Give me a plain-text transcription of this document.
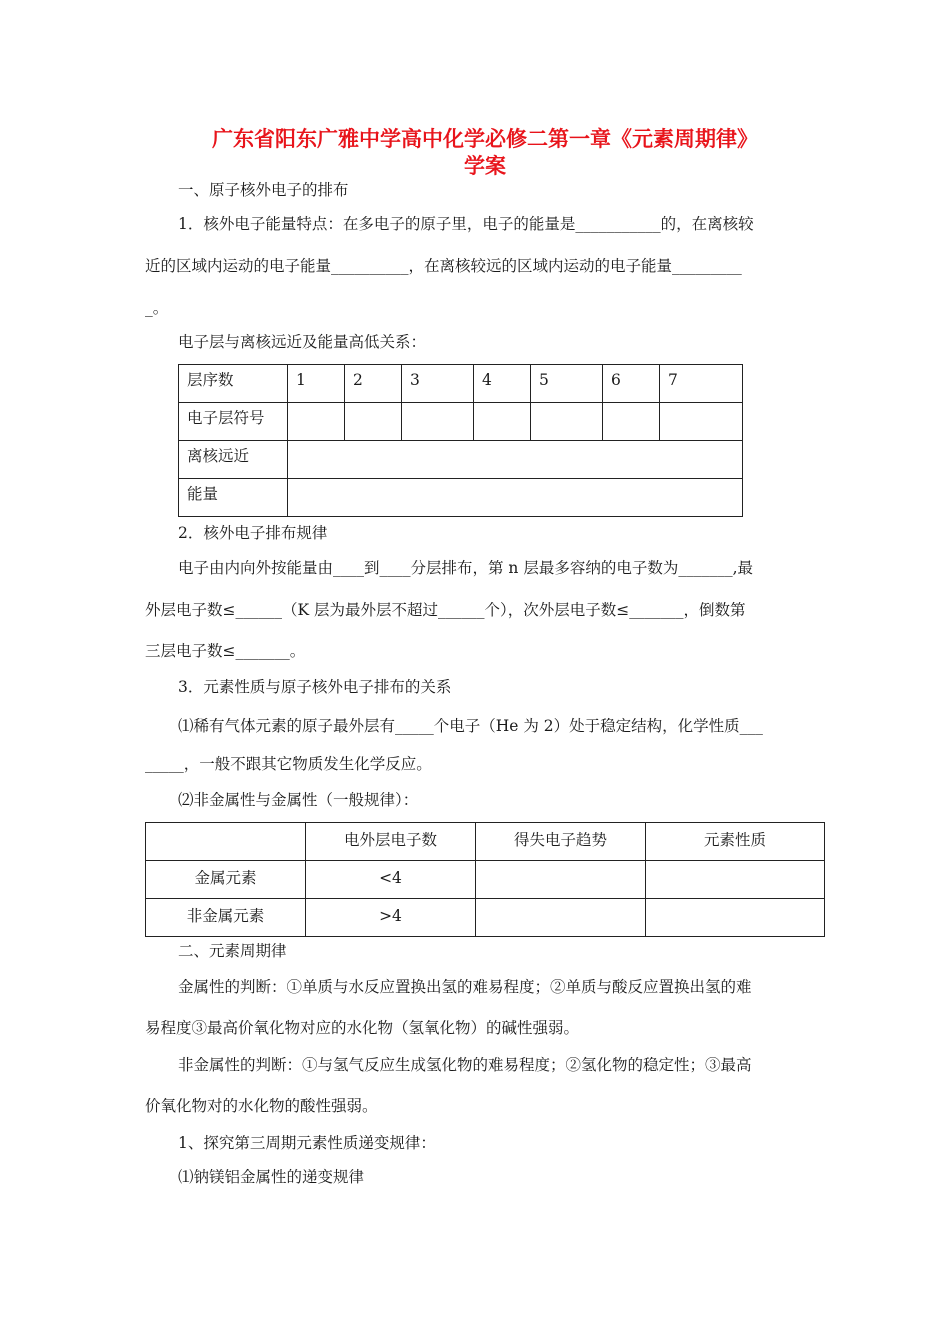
广东省阳东广雅中学高中化学必修二第一章《元素周期律》
学案
一、原子核外电子的排布
1．核外电子能量特点：在多电子的原子里，电子的能量是___________的，在离核较
近的区域内运动的电子能量__________，在离核较远的区域内运动的电子能量_________
_。
电子层与离核远近及能量高低关系：
层序数	1	2	3	4	5	6	7
电子层符号							
离核远近							
能量							
2．核外电子排布规律
电子由内向外按能量由____到____分层排布，第 n 层最多容纳的电子数为_______,最
外层电子数≤______（K 层为最外层不超过______个），次外层电子数≤_______，倒数第
三层电子数≤_______。
3．元素性质与原子核外电子排布的关系
⑴稀有气体元素的原子最外层有_____个电子（He 为 2）处于稳定结构，化学性质___
_____，一般不跟其它物质发生化学反应。
⑵非金属性与金属性（一般规律）：
	电外层电子数	得失电子趋势	元素性质
金属元素	<4		
非金属元素	>4		
二、元素周期律
金属性的判断：①单质与水反应置换出氢的难易程度；②单质与酸反应置换出氢的难
易程度③最高价氧化物对应的水化物（氢氧化物）的碱性强弱。
非金属性的判断：①与氢气反应生成氢化物的难易程度；②氢化物的稳定性；③最高
价氧化物对的水化物的酸性强弱。
1、探究第三周期元素性质递变规律：
⑴钠镁铝金属性的递变规律
